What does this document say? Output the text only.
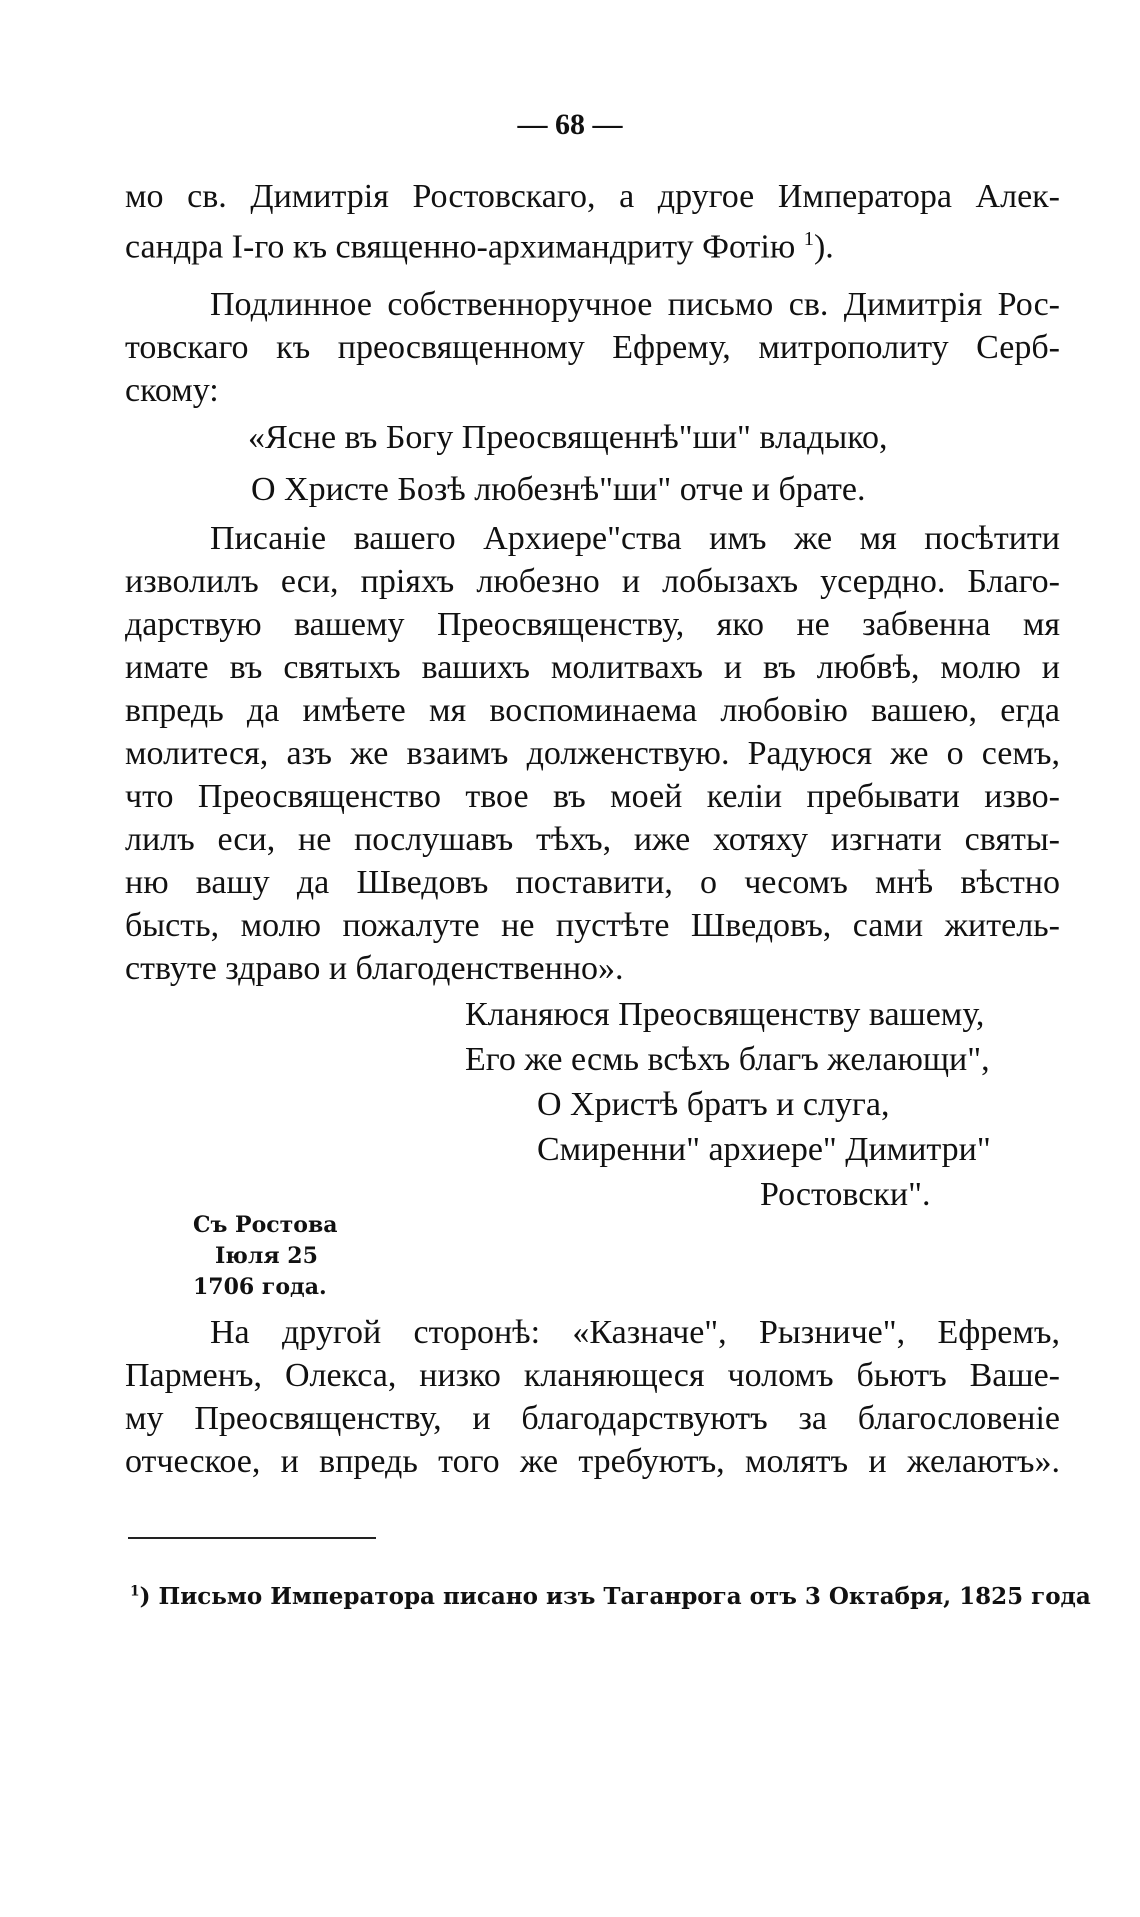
— 68 —
мо св. Димитрія Ростовскаго, а другое Императора Алек-
сандра I-го къ священно-архимандриту Фотію $^1$).
Подлинное собственноручное письмо св. Димитрія Рос-
товскаго къ преосвященному Ефрему, митрополиту Серб-
скому:
«Ясне въ Богу Преосвященнѣ"ши" владыко,
О Христе Бозѣ любезнѣ"ши" отче и брате.
Писаніе вашего Архиере"ства имъ же мя посѣтити
изволилъ еси, пріяхъ любезно и лобызахъ усердно. Благо-
дарствую вашему Преосвященству, яко не забвенна мя
имате въ святыхъ вашихъ молитвахъ и въ любвѣ, молю и
впредь да имѣете мя воспоминаема любовію вашею, егда
молитеся, азъ же взаимъ долженствую. Радуюся же о семъ,
что Преосвященство твое въ моей келіи пребывати изво-
лилъ еси, не послушавъ тѣхъ, иже хотяху изгнати святы-
ню вашу да Шведовъ поставити, о чесомъ мнѣ вѣстно
бысть, молю пожалуте не пустѣте Шведовъ, сами житель-
ствуте здраво и благоденственно».
Кланяюся Преосвященству вашему,
Его же есмь всѣхъ благъ желающи",
О Христѣ братъ и слуга,
Смиренни" архиере" Димитри"
Ростовски".
Съ Ростова
Іюля 25
1706 года.
На другой сторонѣ: «Казначе", Рызниче", Ефремъ,
Парменъ, Олекса, низко кланяющеся чоломъ бьютъ Ваше-
му Преосвященству, и благодарствуютъ за благословеніе
отческое, и впредь того же требуютъ, молятъ и желаютъ».
$^1$) Письмо Императора писано изъ Таганрога отъ 3 Октабря, 1825 года
